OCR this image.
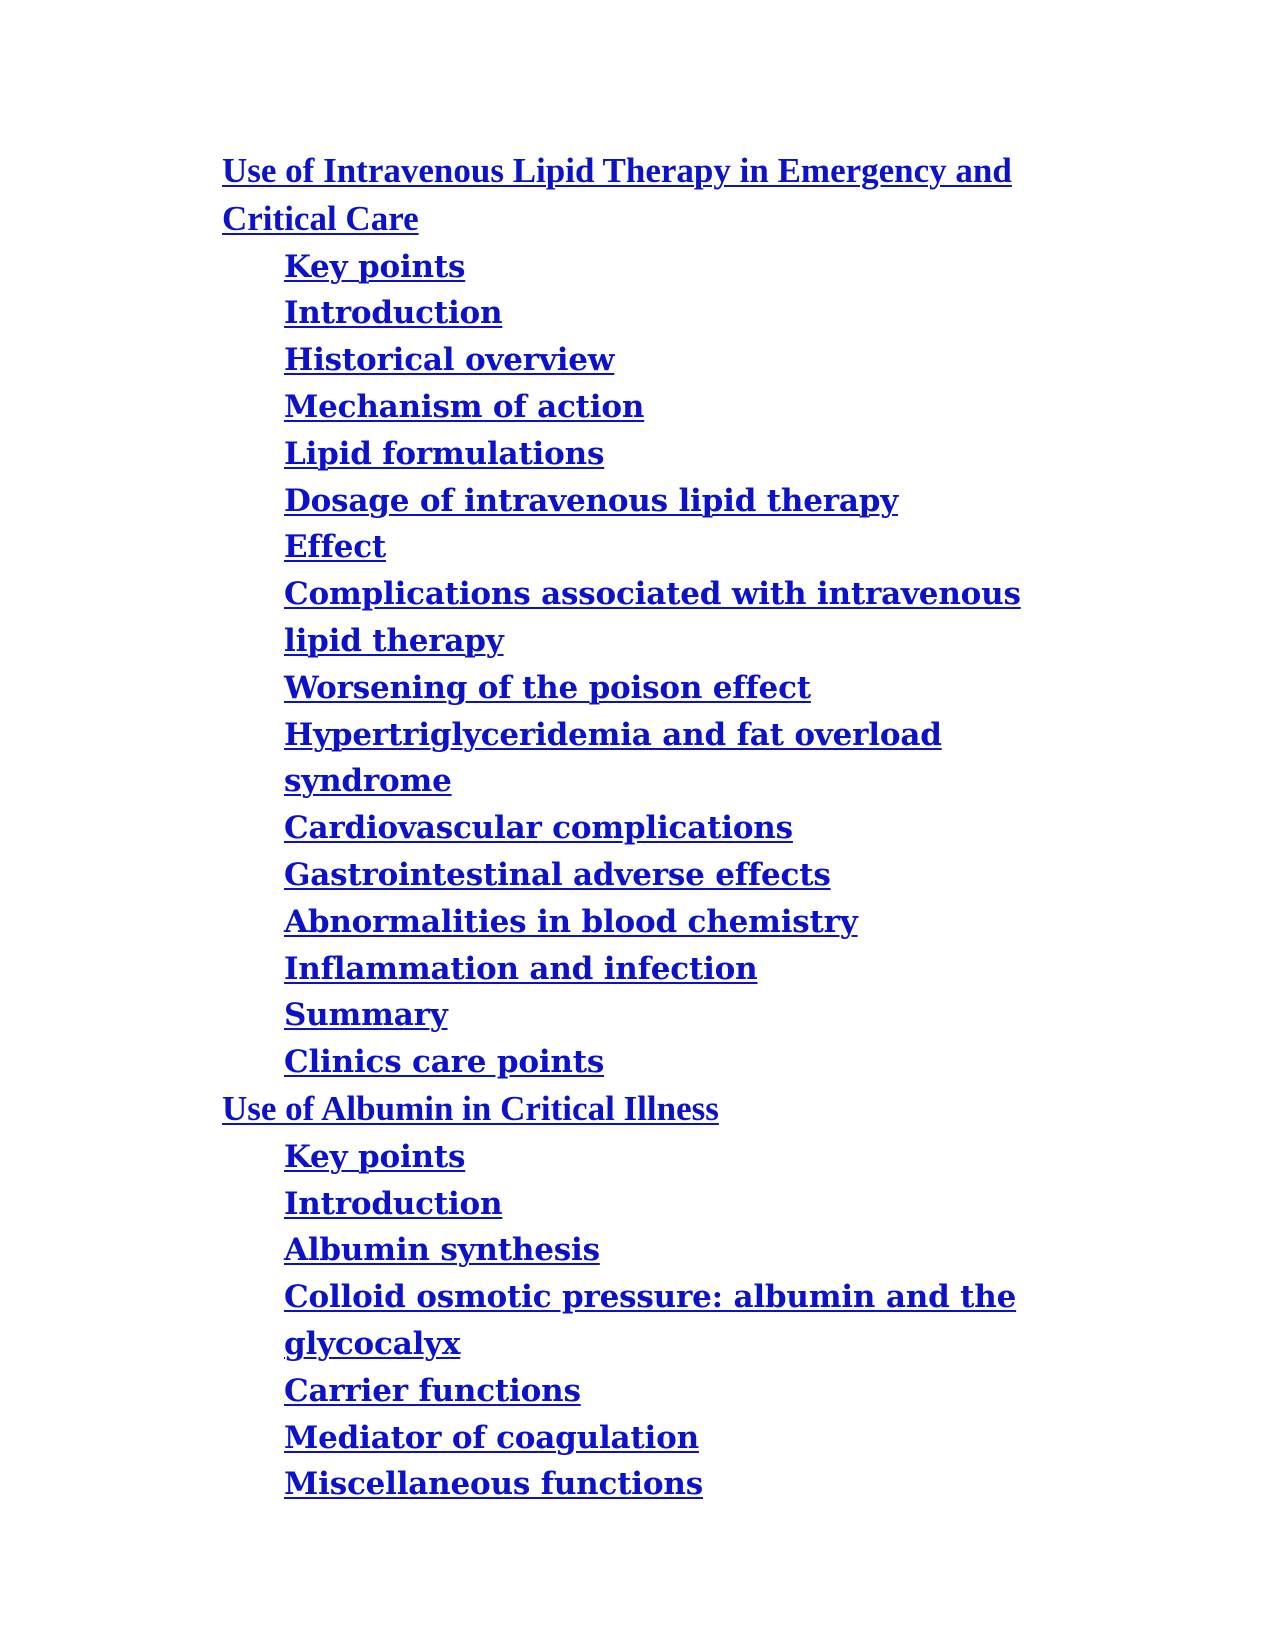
Use of Intravenous Lipid Therapy in Emergency and Critical Care
Key points
Introduction
Historical overview
Mechanism of action
Lipid formulations
Dosage of intravenous lipid therapy
Effect
Complications associated with intravenous lipid therapy
Worsening of the poison effect
Hypertriglyceridemia and fat overload syndrome
Cardiovascular complications
Gastrointestinal adverse effects
Abnormalities in blood chemistry
Inflammation and infection
Summary
Clinics care points
Use of Albumin in Critical Illness
Key points
Introduction
Albumin synthesis
Colloid osmotic pressure: albumin and the glycocalyx
Carrier functions
Mediator of coagulation
Miscellaneous functions
